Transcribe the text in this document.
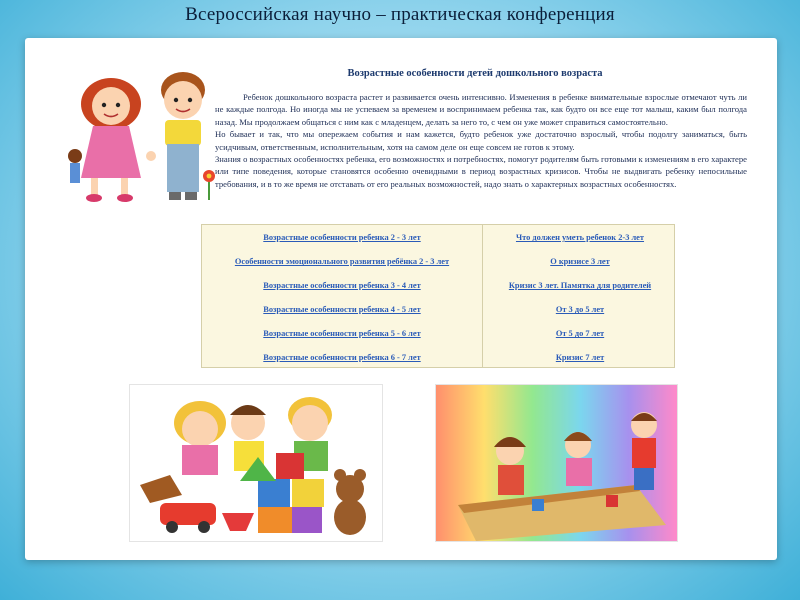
Всероссийская научно – практическая конференция
Возрастные особенности детей дошкольного возраста

Ребенок дошкольного возраста растет и развивается очень интенсивно. Изменения в ребенке внимательные взрослые отмечают чуть ли не каждые полгода. Но иногда мы не успеваем за временем и воспринимаем ребенка так, как будто он все еще тот малыш, каким был полгода назад. Мы продолжаем общаться с ним как с младенцем, делать за него то, с чем он уже может справиться самостоятельно.

Но бывает и так, что мы опережаем события и нам кажется, будто ребенок уже достаточно взрослый, чтобы подолгу заниматься, быть усидчивым, ответственным, исполнительным, хотя на самом деле он еще совсем не готов к этому.

Знания о возрастных особенностях ребенка, его возможностях и потребностях, помогут родителям быть готовыми к изменениям в его характере или типе поведения, которые становятся особенно очевидными в период возрастных кризисов. Чтобы не выдвигать ребенку непосильные требования, и в то же время не отставать от его реальных возможностей, надо знать о характерных возрастных особенностях.

Возрастные особенности ребенка 2 - 3 лет
Особенности эмоционального развития ребёнка 2 - 3 лет
Возрастные особенности ребенка 3 - 4 лет
Возрастные особенности ребенка 4 - 5 лет
Возрастные особенности ребенка 5 - 6 лет
Возрастные особенности ребенка 6 - 7 лет
Что должен уметь ребенок 2-3 лет
О кризисе 3 лет
Кризис 3 лет. Памятка для родителей
От 3 до 5 лет
От 5 до 7 лет
Кризис 7 лет
